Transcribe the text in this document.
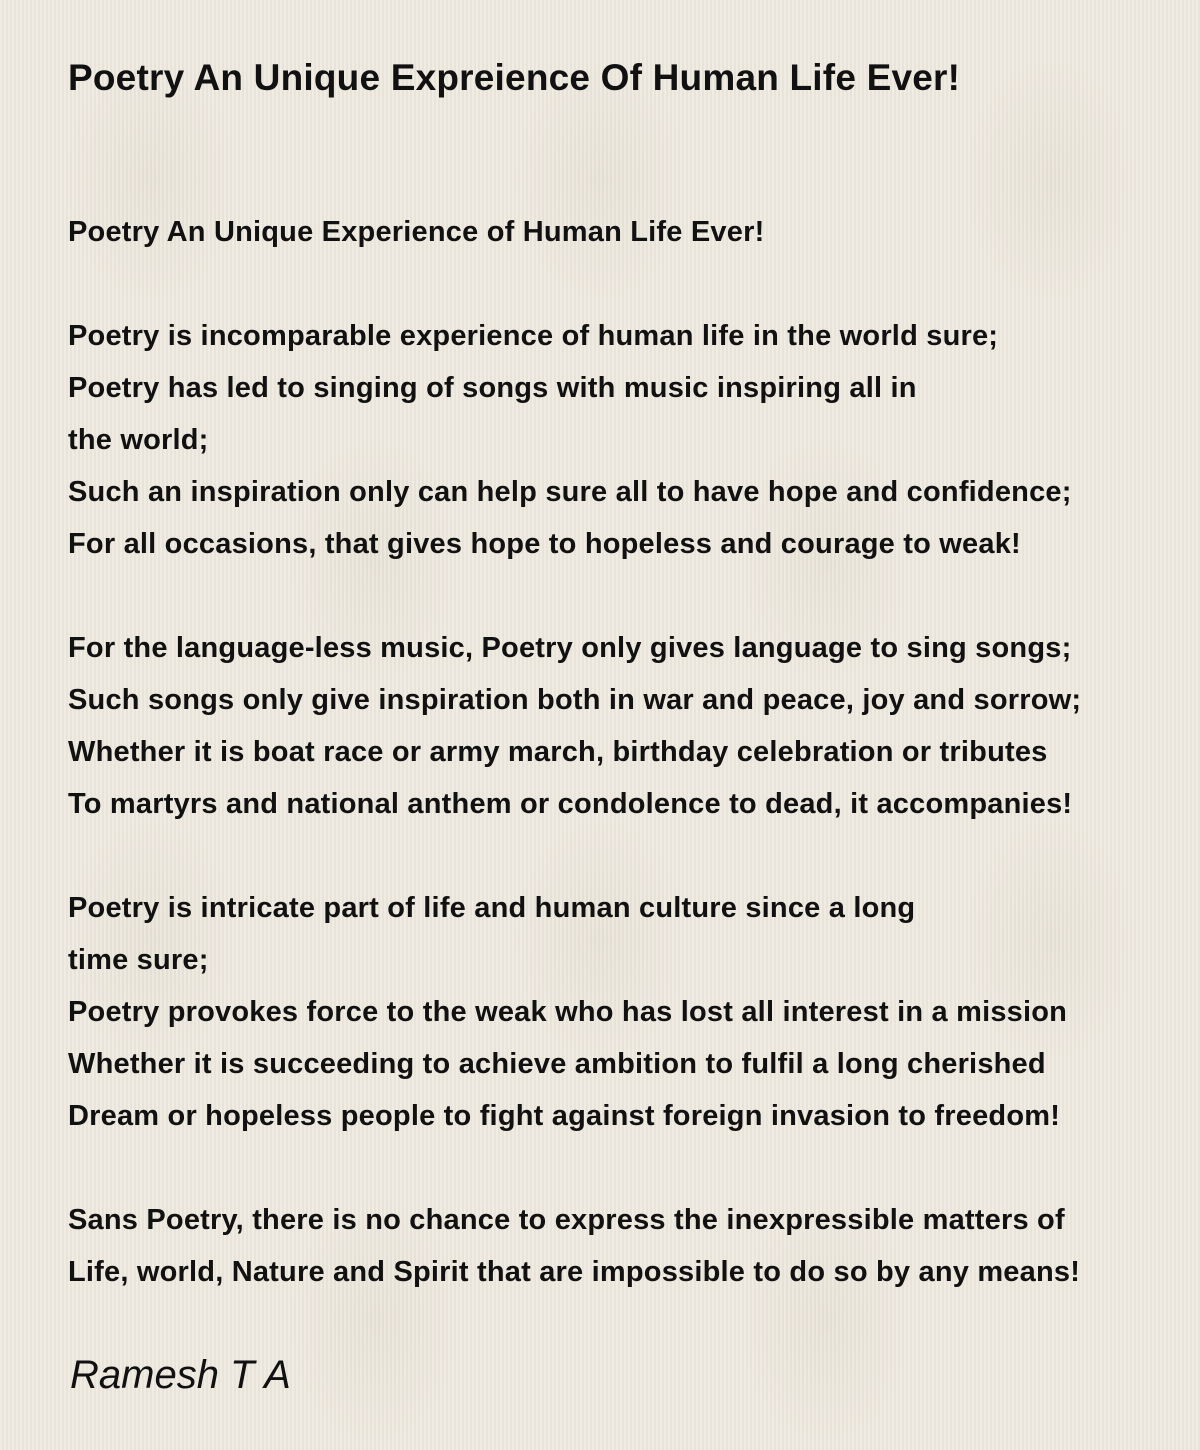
Poetry An Unique Expreience Of Human Life Ever!
Poetry An Unique Experience of Human Life Ever!
Poetry is incomparable experience of human life in the world sure;
Poetry has led to singing of songs with music inspiring all in
the world;
Such an inspiration only can help sure all to have hope and confidence;
For all occasions, that gives hope to hopeless and courage to weak!
For the language-less music, Poetry only gives language to sing songs;
Such songs only give inspiration both in war and peace, joy and sorrow;
Whether it is boat race or army march, birthday celebration or tributes
To martyrs and national anthem or condolence to dead, it accompanies!
Poetry is intricate part of life and human culture since a long
time sure;
Poetry provokes force to the weak who has lost all interest in a mission
Whether it is succeeding to achieve ambition to fulfil a long cherished
Dream or hopeless people to fight against foreign invasion to freedom!
Sans Poetry, there is no chance to express the inexpressible matters of
Life, world, Nature and Spirit that are impossible to do so by any means!
Ramesh T A
